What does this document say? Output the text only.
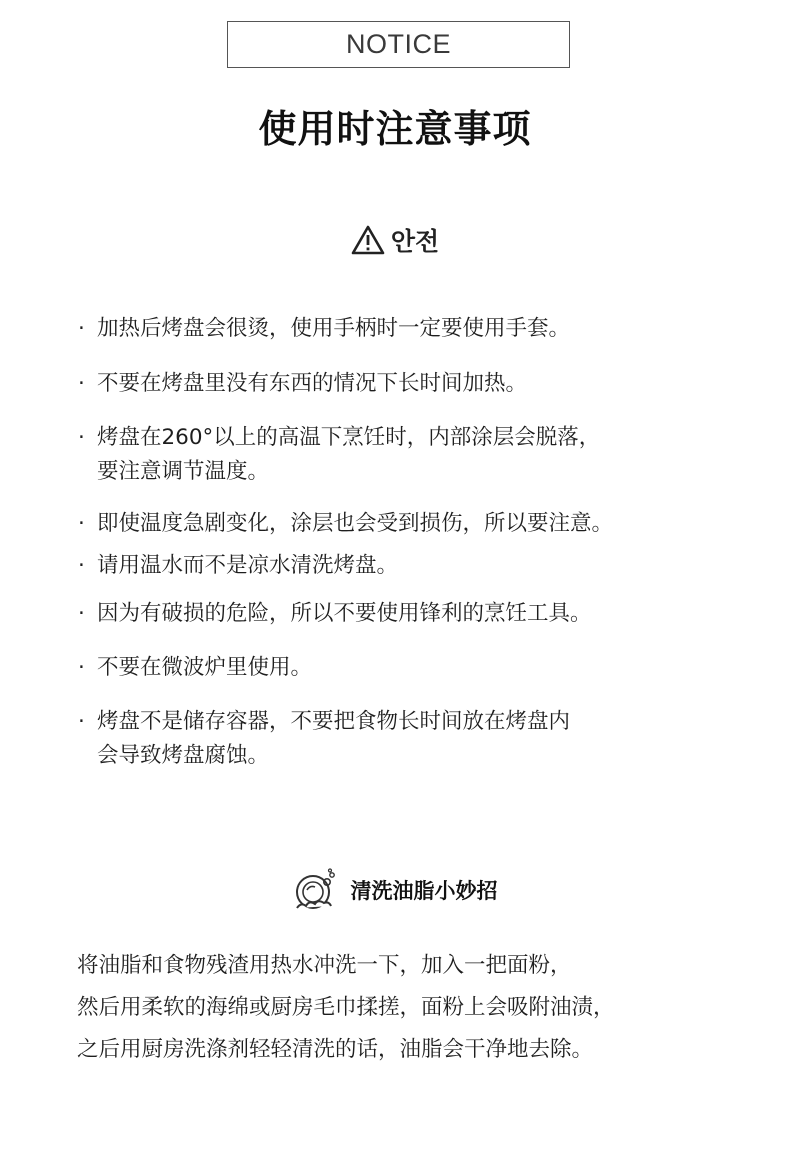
NOTICE
使用时注意事项
안전
· 加热后烤盘会很烫，使用手柄时一定要使用手套。
· 不要在烤盘里没有东西的情况下长时间加热。
· 烤盘在260°以上的高温下烹饪时，内部涂层会脱落，
要注意调节温度。
· 即使温度急剧变化，涂层也会受到损伤，所以要注意。
· 请用温水而不是凉水清洗烤盘。
· 因为有破损的危险，所以不要使用锋利的烹饪工具。
· 不要在微波炉里使用。
· 烤盘不是储存容器，不要把食物长时间放在烤盘内
会导致烤盘腐蚀。
清洗油脂小妙招
将油脂和食物残渣用热水冲洗一下，加入一把面粉，
然后用柔软的海绵或厨房毛巾揉搓，面粉上会吸附油渍，
之后用厨房洗涤剂轻轻清洗的话，油脂会干净地去除。
